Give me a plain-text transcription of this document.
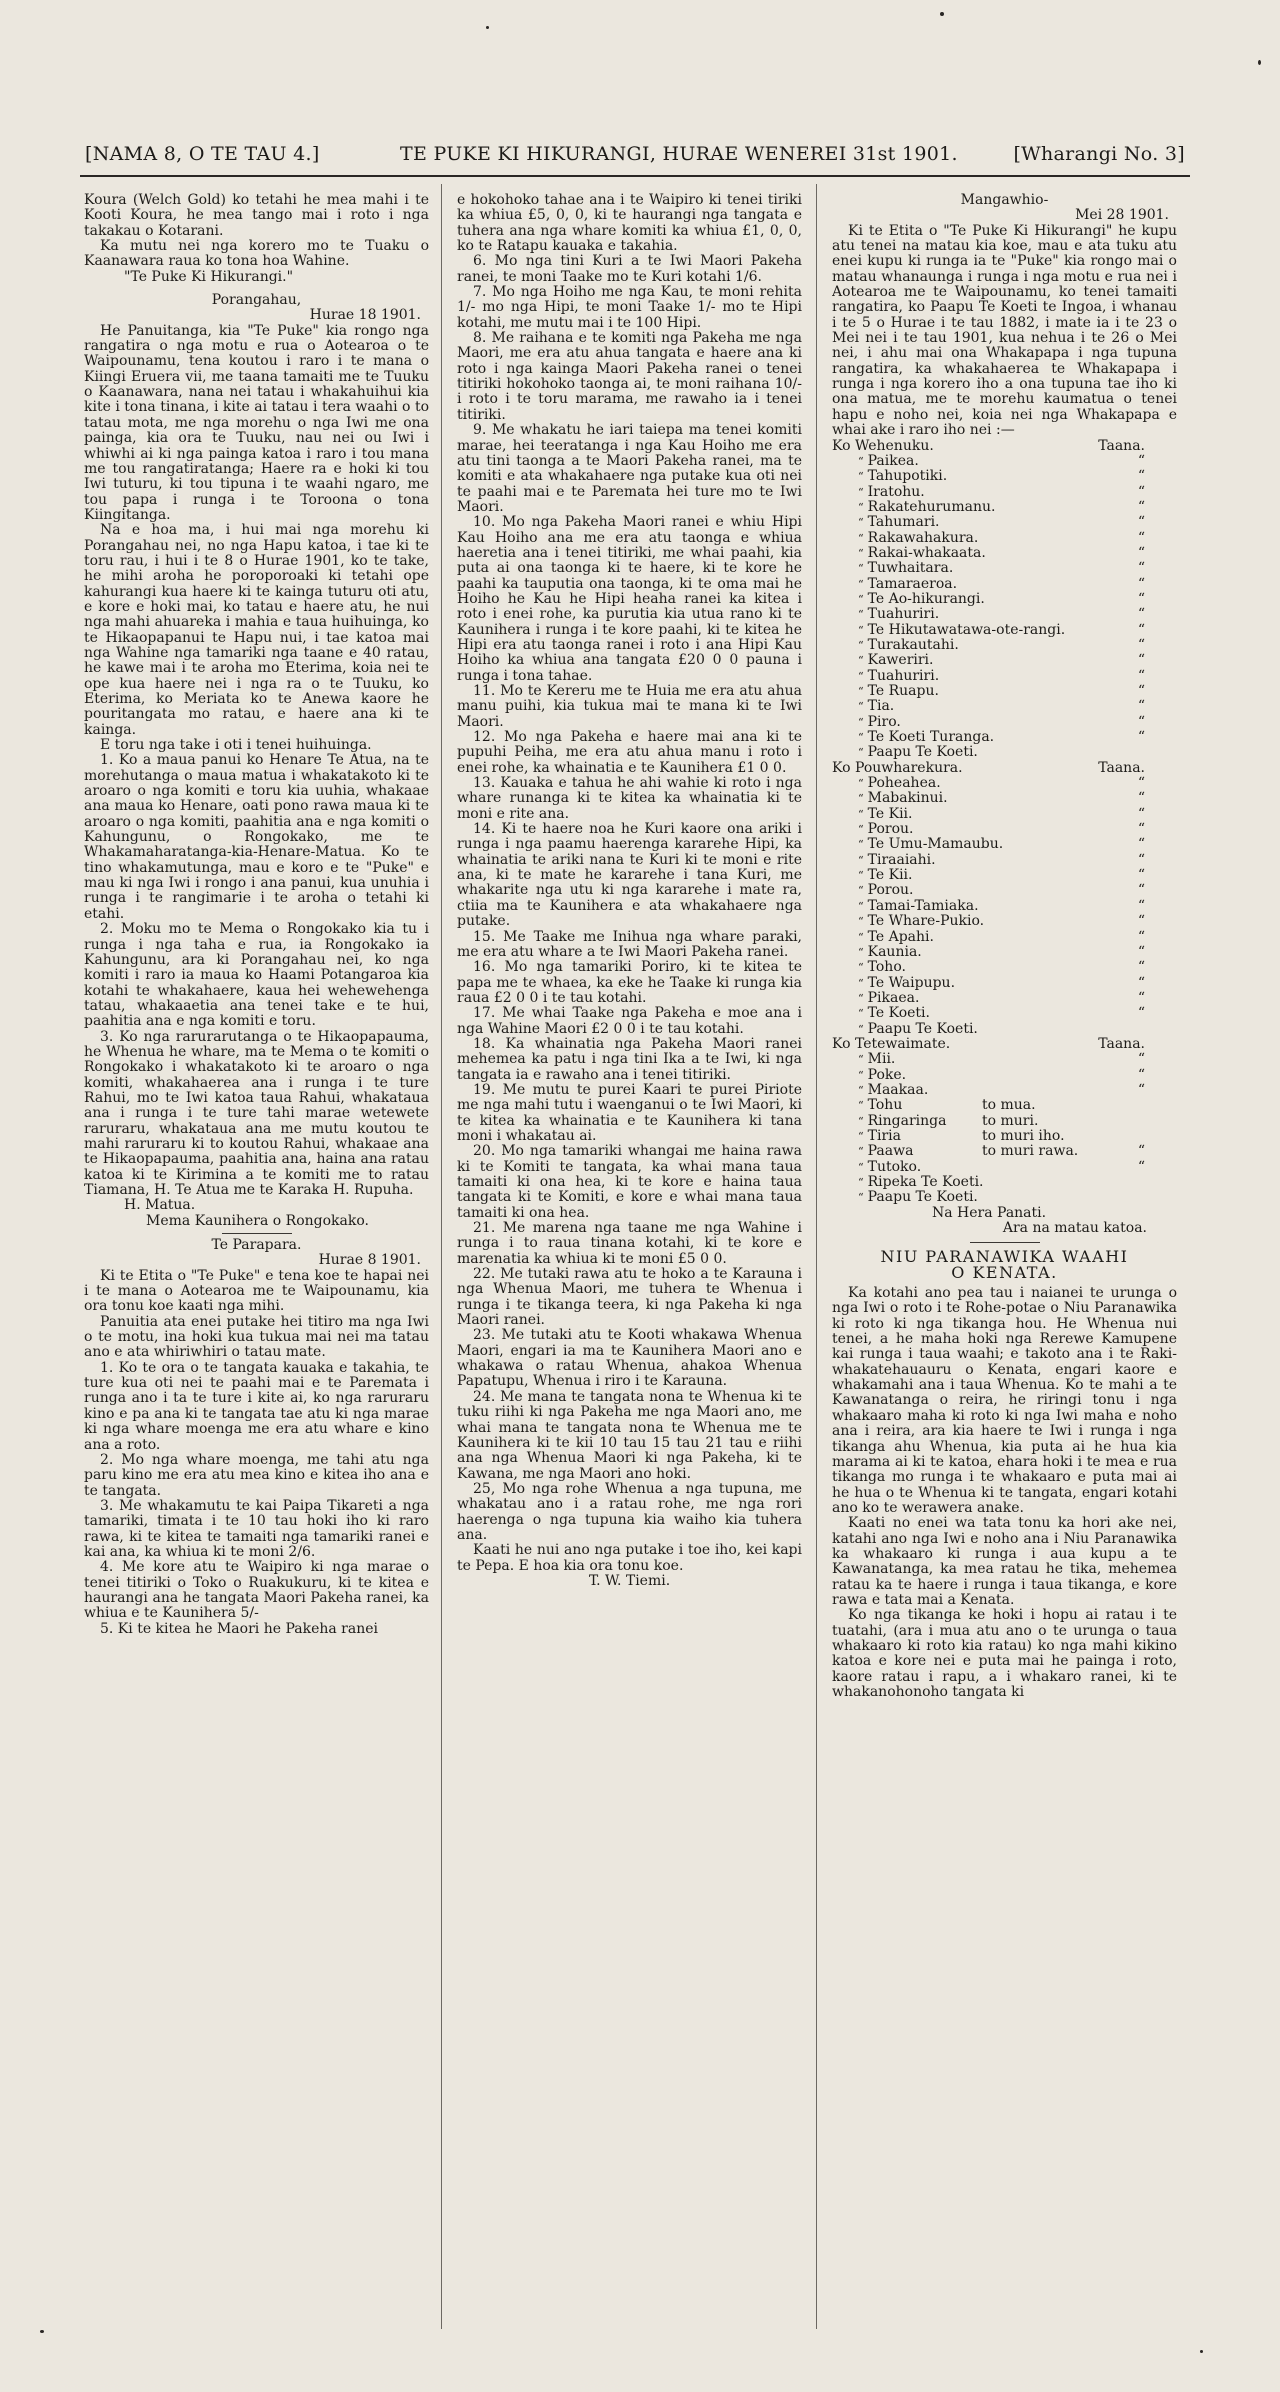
[NAMA 8, O TE TAU 4.]	TE PUKE KI HIKURANGI, HURAE WENEREI 31st 1901.	[Wharangi No. 3]

Koura (Welch Gold) ko tetahi he mea mahi i te Kooti Koura, he mea tango mai i roto i nga takakau o Kotarani.

Ka mutu nei nga korero mo te Tuaku o Kaanawara raua ko tona hoa Wahine.

"Te Puke Ki Hikurangi."

Porangahau,

Hurae 18 1901.

He Panuitanga, kia "Te Puke" kia rongo nga rangatira o nga motu e rua o Aotearoa o te Waipounamu, tena koutou i raro i te mana o Kiingi Eruera vii, me taana tamaiti me te Tuuku o Kaanawara, nana nei tatau i whakahuihui kia kite i tona tinana, i kite ai tatau i tera waahi o to tatau mota, me nga morehu o nga Iwi me ona painga, kia ora te Tuuku, nau nei ou Iwi i whiwhi ai ki nga painga katoa i raro i tou mana me tou rangatiratanga; Haere ra e hoki ki tou Iwi tuturu, ki tou tipuna i te waahi ngaro, me tou papa i runga i te Toroona o tona Kiingitanga.

Na e hoa ma, i hui mai nga morehu ki Porangahau nei, no nga Hapu katoa, i tae ki te toru rau, i hui i te 8 o Hurae 1901, ko te take, he mihi aroha he poroporoaki ki tetahi ope kahurangi kua haere ki te kainga tuturu oti atu, e kore e hoki mai, ko tatau e haere atu, he nui nga mahi ahuareka i mahia e taua huihuinga, ko te Hikaopapanui te Hapu nui, i tae katoa mai nga Wahine nga tamariki nga taane e 40 ratau, he kawe mai i te aroha mo Eterima, koia nei te ope kua haere nei i nga ra o te Tuuku, ko Eterima, ko Meriata ko te Anewa kaore he pouritangata mo ratau, e haere ana ki te kainga.

E toru nga take i oti i tenei huihuinga.

1. Ko a maua panui ko Henare Te Atua, na te morehutanga o maua matua i whakatakoto ki te aroaro o nga komiti e toru kia uuhia, whakaae ana maua ko Henare, oati pono rawa maua ki te aroaro o nga komiti, paahitia ana e nga komiti o Kahungunu, o Rongokako, me te Whakamaharatanga-kia-Henare-Matua. Ko te tino whakamutunga, mau e koro e te "Puke" e mau ki nga Iwi i rongo i ana panui, kua unuhia i runga i te rangimarie i te aroha o tetahi ki etahi.

2. Moku mo te Mema o Rongokako kia tu i runga i nga taha e rua, ia Rongokako ia Kahungunu, ara ki Porangahau nei, ko nga komiti i raro ia maua ko Haami Potangaroa kia kotahi te whakahaere, kaua hei wehewehenga tatau, whakaaetia ana tenei take e te hui, paahitia ana e nga komiti e toru.

3. Ko nga rarurarutanga o te Hikaopapauma, he Whenua he whare, ma te Mema o te komiti o Rongokako i whakatakoto ki te aroaro o nga komiti, whakahaerea ana i runga i te ture Rahui, mo te Iwi katoa taua Rahui, whakataua ana i runga i te ture tahi marae wetewete raruraru, whakataua ana me mutu koutou te mahi raruraru ki to koutou Rahui, whakaae ana te Hikaopapauma, paahitia ana, haina ana ratau katoa ki te Kirimina a te komiti me to ratau Tiamana, H. Te Atua me te Karaka H. Rupuha.

H. Matua.

Mema Kaunihera o Rongokako.

Te Parapara.

Hurae 8 1901.

Ki te Etita o "Te Puke" e tena koe te hapai nei i te mana o Aotearoa me te Waipounamu, kia ora tonu koe kaati nga mihi.

Panuitia ata enei putake hei titiro ma nga Iwi o te motu, ina hoki kua tukua mai nei ma tatau ano e ata whiriwhiri o tatau mate.

1. Ko te ora o te tangata kauaka e takahia, te ture kua oti nei te paahi mai e te Paremata i runga ano i ta te ture i kite ai, ko nga raruraru kino e pa ana ki te tangata tae atu ki nga marae ki nga whare moenga me era atu whare e kino ana a roto.

2. Mo nga whare moenga, me tahi atu nga paru kino me era atu mea kino e kitea iho ana e te tangata.

3. Me whakamutu te kai Paipa Tikareti a nga tamariki, timata i te 10 tau hoki iho ki raro rawa, ki te kitea te tamaiti nga tamariki ranei e kai ana, ka whiua ki te moni 2/6.

4. Me kore atu te Waipiro ki nga marae o tenei titiriki o Toko o Ruakukuru, ki te kitea e haurangi ana he tangata Maori Pakeha ranei, ka whiua e te Kaunihera 5/-

5. Ki te kitea he Maori he Pakeha ranei

e hokohoko tahae ana i te Waipiro ki tenei tiriki ka whiua £5, 0, 0, ki te haurangi nga tangata e tuhera ana nga whare komiti ka whiua £1, 0, 0, ko te Ratapu kauaka e takahia.

6. Mo nga tini Kuri a te Iwi Maori Pakeha ranei, te moni Taake mo te Kuri kotahi 1/6.

7. Mo nga Hoiho me nga Kau, te moni rehita 1/- mo nga Hipi, te moni Taake 1/- mo te Hipi kotahi, me mutu mai i te 100 Hipi.

8. Me raihana e te komiti nga Pakeha me nga Maori, me era atu ahua tangata e haere ana ki roto i nga kainga Maori Pakeha ranei o tenei titiriki hokohoko taonga ai, te moni raihana 10/- i roto i te toru marama, me rawaho ia i tenei titiriki.

9. Me whakatu he iari taiepa ma tenei komiti marae, hei teeratanga i nga Kau Hoiho me era atu tini taonga a te Maori Pakeha ranei, ma te komiti e ata whakahaere nga putake kua oti nei te paahi mai e te Paremata hei ture mo te Iwi Maori.

10. Mo nga Pakeha Maori ranei e whiu Hipi Kau Hoiho ana me era atu taonga e whiua haeretia ana i tenei titiriki, me whai paahi, kia puta ai ona taonga ki te haere, ki te kore he paahi ka tauputia ona taonga, ki te oma mai he Hoiho he Kau he Hipi heaha ranei ka kitea i roto i enei rohe, ka purutia kia utua rano ki te Kaunihera i runga i te kore paahi, ki te kitea he Hipi era atu taonga ranei i roto i ana Hipi Kau Hoiho ka whiua ana tangata £20 0 0 pauna i runga i tona tahae.

11. Mo te Kereru me te Huia me era atu ahua manu puihi, kia tukua mai te mana ki te Iwi Maori.

12. Mo nga Pakeha e haere mai ana ki te pupuhi Peiha, me era atu ahua manu i roto i enei rohe, ka whainatia e te Kaunihera £1 0 0.

13. Kauaka e tahua he ahi wahie ki roto i nga whare runanga ki te kitea ka whainatia ki te moni e rite ana.

14. Ki te haere noa he Kuri kaore ona ariki i runga i nga paamu haerenga kararehe Hipi, ka whainatia te ariki nana te Kuri ki te moni e rite ana, ki te mate he kararehe i tana Kuri, me whakarite nga utu ki nga kararehe i mate ra, ctiia ma te Kaunihera e ata whakahaere nga putake.

15. Me Taake me Inihua nga whare paraki, me era atu whare a te Iwi Maori Pakeha ranei.

16. Mo nga tamariki Poriro, ki te kitea te papa me te whaea, ka eke he Taake ki runga kia raua £2 0 0 i te tau kotahi.

17. Me whai Taake nga Pakeha e moe ana i nga Wahine Maori £2 0 0 i te tau kotahi.

18. Ka whainatia nga Pakeha Maori ranei mehemea ka patu i nga tini Ika a te Iwi, ki nga tangata ia e rawaho ana i tenei titiriki.

19. Me mutu te purei Kaari te purei Piriote me nga mahi tutu i waenganui o te Iwi Maori, ki te kitea ka whainatia e te Kaunihera ki tana moni i whakatau ai.

20. Mo nga tamariki whangai me haina rawa ki te Komiti te tangata, ka whai mana taua tamaiti ki ona hea, ki te kore e haina taua tangata ki te Komiti, e kore e whai mana taua tamaiti ki ona hea.

21. Me marena nga taane me nga Wahine i runga i to raua tinana kotahi, ki te kore e marenatia ka whiua ki te moni £5 0 0.

22. Me tutaki rawa atu te hoko a te Karauna i nga Whenua Maori, me tuhera te Whenua i runga i te tikanga teera, ki nga Pakeha ki nga Maori ranei.

23. Me tutaki atu te Kooti whakawa Whenua Maori, engari ia ma te Kaunihera Maori ano e whakawa o ratau Whenua, ahakoa Whenua Papatupu, Whenua i riro i te Karauna.

24. Me mana te tangata nona te Whenua ki te tuku riihi ki nga Pakeha me nga Maori ano, me whai mana te tangata nona te Whenua me te Kaunihera ki te kii 10 tau 15 tau 21 tau e riihi ana nga Whenua Maori ki nga Pakeha, ki te Kawana, me nga Maori ano hoki.

25, Mo nga rohe Whenua a nga tupuna, me whakatau ano i a ratau rohe, me nga rori haerenga o nga tupuna kia waiho kia tuhera ana.

Kaati he nui ano nga putake i toe iho, kei kapi te Pepa. E hoa kia ora tonu koe.

T. W. Tiemi.

Mangawhio-

Mei 28 1901.

Ki te Etita o "Te Puke Ki Hikurangi" he kupu atu tenei na matau kia koe, mau e ata tuku atu enei kupu ki runga ia te "Puke" kia rongo mai o matau whanaunga i runga i nga motu e rua nei i Aotearoa me te Waipounamu, ko tenei tamaiti rangatira, ko Paapu Te Koeti te Ingoa, i whanau i te 5 o Hurae i te tau 1882, i mate ia i te 23 o Mei nei i te tau 1901, kua nehua i te 26 o Mei nei, i ahu mai ona Whakapapa i nga tupuna rangatira, ka whakahaerea te Whakapapa i runga i nga korero iho a ona tupuna tae iho ki ona matua, me te morehu kaumatua o tenei hapu e noho nei, koia nei nga Whakapapa e whai ake i raro iho nei :—

Ko Wehenuku.	Taana.
“ Paikea.	“
“ Tahupotiki.	“
“ Iratohu.	“
“ Rakatehurumanu.	“
“ Tahumari.	“
“ Rakawahakura.	“
“ Rakai-whakaata.	“
“ Tuwhaitara.	“
“ Tamaraeroa.	“
“ Te Ao-hikurangi.	“
“ Tuahuriri.	“
“ Te Hikutawatawa-ote-rangi.	“
“ Turakautahi.	“
“ Kaweriri.	“
“ Tuahuriri.	“
“ Te Ruapu.	“
“ Tia.	“
“ Piro.	“
“ Te Koeti Turanga.	“
“ Paapu Te Koeti.
Ko Pouwharekura.	Taana.
“ Poheahea.	“
“ Mabakinui.	“
“ Te Kii.	“
“ Porou.	“
“ Te Umu-Mamaubu.	“
“ Tiraaiahi.	“
“ Te Kii.	“
“ Porou.	“
“ Tamai-Tamiaka.	“
“ Te Whare-Pukio.	“
“ Te Apahi.	“
“ Kaunia.	“
“ Toho.	“
“ Te Waipupu.	“
“ Pikaea.	“
“ Te Koeti.	“
“ Paapu Te Koeti.
Ko Tetewaimate.	Taana.
“ Mii.	“
“ Poke.	“
“ Maakaa.	“
“ Tohu	to mua.
“ Ringaringa	to muri.
“ Tiria	to muri iho.
“ Paawa	to muri rawa.	“
“ Tutoko.	“
“ Ripeka Te Koeti.
“ Paapu Te Koeti.

Na Hera Panati.

Ara na matau katoa.

NIU PARANAWIKA WAAHI

O KENATA.

Ka kotahi ano pea tau i naianei te urunga o nga Iwi o roto i te Rohe-potae o Niu Paranawika ki roto ki nga tikanga hou. He Whenua nui tenei, a he maha hoki nga Rerewe Kamupene kai runga i taua waahi; e takoto ana i te Raki-whakatehauauru o Kenata, engari kaore e whakamahi ana i taua Whenua. Ko te mahi a te Kawanatanga o reira, he riringi tonu i nga whakaaro maha ki roto ki nga Iwi maha e noho ana i reira, ara kia haere te Iwi i runga i nga tikanga ahu Whenua, kia puta ai he hua kia marama ai ki te katoa, ehara hoki i te mea e rua tikanga mo runga i te whakaaro e puta mai ai he hua o te Whenua ki te tangata, engari kotahi ano ko te werawera anake.

Kaati no enei wa tata tonu ka hori ake nei, katahi ano nga Iwi e noho ana i Niu Paranawika ka whakaaro ki runga i aua kupu a te Kawanatanga, ka mea ratau he tika, mehemea ratau ka te haere i runga i taua tikanga, e kore rawa e tata mai a Kenata.

Ko nga tikanga ke hoki i hopu ai ratau i te tuatahi, (ara i mua atu ano o te urunga o taua whakaaro ki roto kia ratau) ko nga mahi kikino katoa e kore nei e puta mai he painga i roto, kaore ratau i rapu, a i whakaro ranei, ki te whakanohonoho tangata ki
